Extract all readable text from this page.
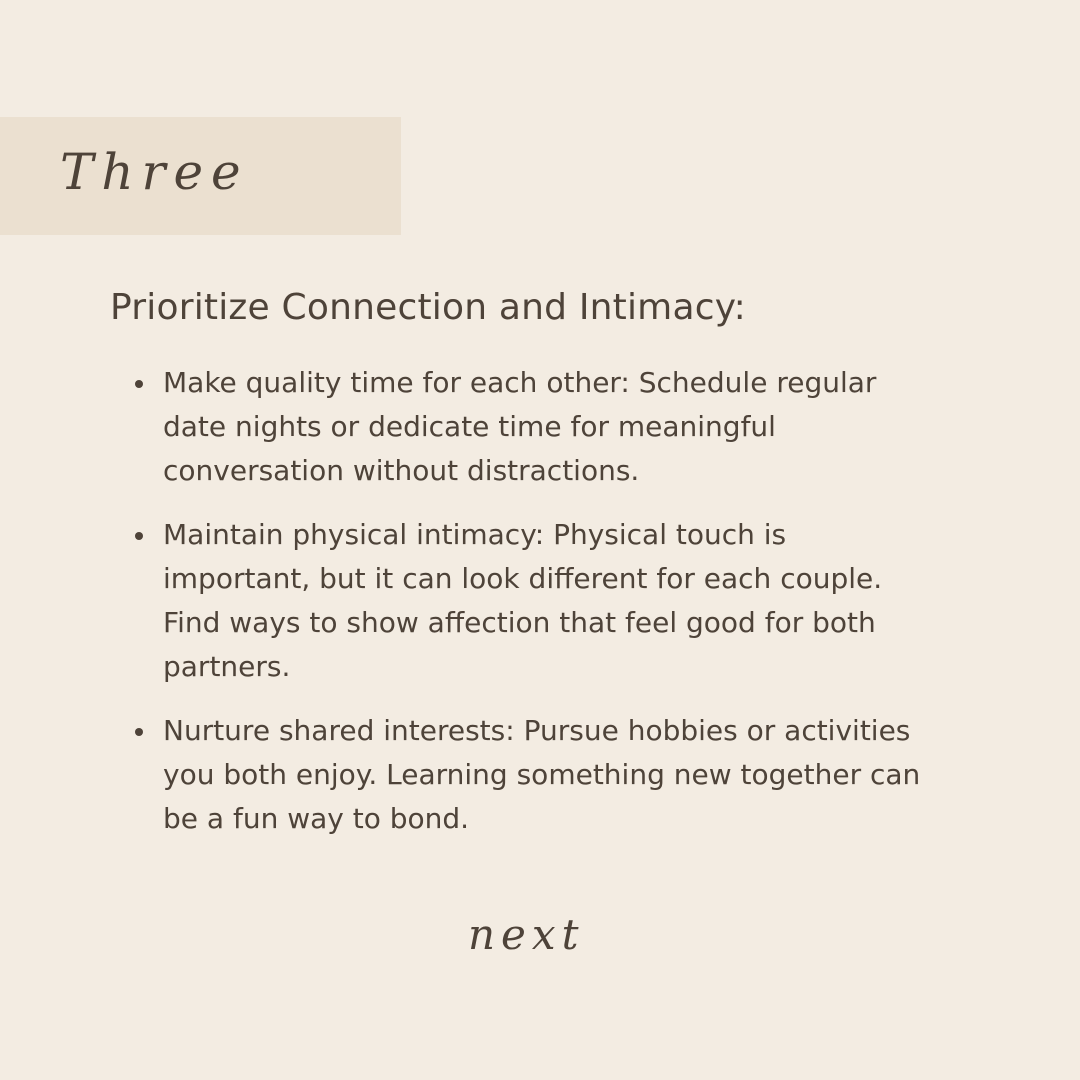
Three
Prioritize Connection and Intimacy:
Make quality time for each other: Schedule regular date nights or dedicate time for meaningful conversation without distractions.
Maintain physical intimacy: Physical touch is important, but it can look different for each couple. Find ways to show affection that feel good for both partners.
Nurture shared interests: Pursue hobbies or activities you both enjoy. Learning something new together can be a fun way to bond.
next
